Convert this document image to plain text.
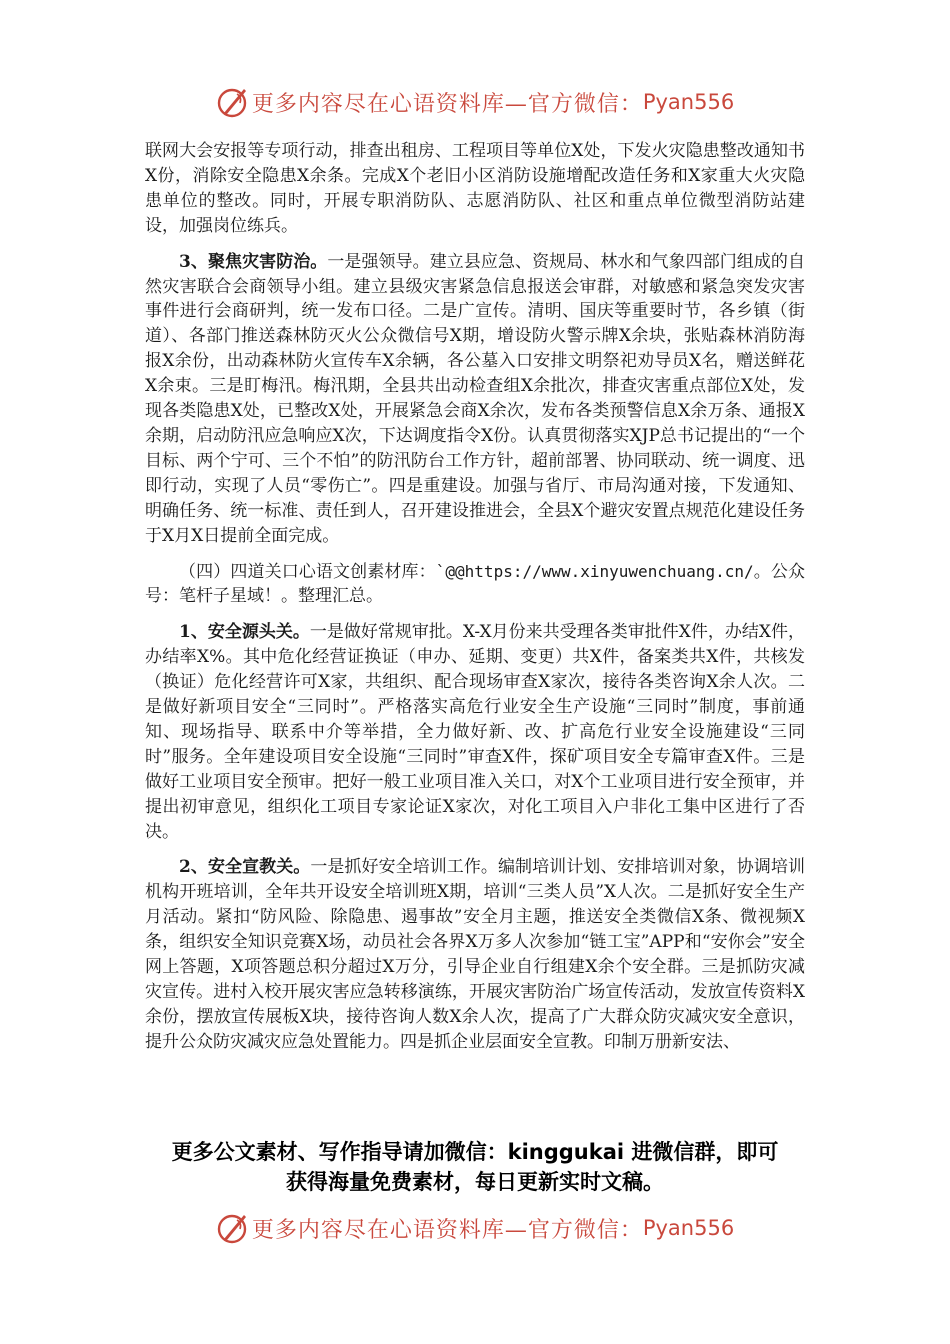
更多内容尽在心语资料库—官方微信： Pyan556

联网大会安报等专项行动，排查出租房、工程项目等单位X处，下发火灾隐患整改通知书X份，消除安全隐患X余条。完成X个老旧小区消防设施增配改造任务和X家重大火灾隐患单位的整改。同时，开展专职消防队、志愿消防队、社区和重点单位微型消防站建设，加强岗位练兵。

3、聚焦灾害防治。一是强领导。建立县应急、资规局、林水和气象四部门组成的自然灾害联合会商领导小组。建立县级灾害紧急信息报送会审群，对敏感和紧急突发灾害事件进行会商研判，统一发布口径。二是广宣传。清明、国庆等重要时节，各乡镇（街道）、各部门推送森林防灭火公众微信号X期，增设防火警示牌X余块，张贴森林消防海报X余份，出动森林防火宣传车X余辆，各公墓入口安排文明祭祀劝导员X名，赠送鲜花X余束。三是盯梅汛。梅汛期，全县共出动检查组X余批次，排查灾害重点部位X处，发现各类隐患X处，已整改X处，开展紧急会商X余次，发布各类预警信息X余万条、通报X余期，启动防汛应急响应X次，下达调度指令X份。认真贯彻落实XJP总书记提出的“一个目标、两个宁可、三个不怕”的防汛防台工作方针，超前部署、协同联动、统一调度、迅即行动，实现了人员“零伤亡”。四是重建设。加强与省厅、市局沟通对接，下发通知、明确任务、统一标准、责任到人，召开建设推进会，全县X个避灾安置点规范化建设任务于X月X日提前全面完成。

（四）四道关口心语文创素材库：`@@https://www.xinyuwenchuang.cn/。公众号：笔杆子星域！。整理汇总。

1、安全源头关。一是做好常规审批。X-X月份来共受理各类审批件X件，办结X件，办结率X%。其中危化经营证换证（申办、延期、变更）共X件，备案类共X件，共核发（换证）危化经营许可X家，共组织、配合现场审查X家次，接待各类咨询X余人次。二是做好新项目安全“三同时”。严格落实高危行业安全生产设施“三同时”制度，事前通知、现场指导、联系中介等举措，全力做好新、改、扩高危行业安全设施建设“三同时”服务。全年建设项目安全设施“三同时”审查X件，探矿项目安全专篇审查X件。三是做好工业项目安全预审。把好一般工业项目准入关口，对X个工业项目进行安全预审，并提出初审意见，组织化工项目专家论证X家次，对化工项目入户非化工集中区进行了否决。

2、安全宣教关。一是抓好安全培训工作。编制培训计划、安排培训对象，协调培训机构开班培训，全年共开设安全培训班X期，培训“三类人员”X人次。二是抓好安全生产月活动。紧扣“防风险、除隐患、遏事故”安全月主题，推送安全类微信X条、微视频X条，组织安全知识竞赛X场，动员社会各界X万多人次参加“链工宝”APP和“安你会”安全网上答题，X项答题总积分超过X万分，引导企业自行组建X余个安全群。三是抓防灾减灾宣传。进村入校开展灾害应急转移演练，开展灾害防治广场宣传活动，发放宣传资料X余份，摆放宣传展板X块，接待咨询人数X余人次，提高了广大群众防灾减灾安全意识，提升公众防灾减灾应急处置能力。四是抓企业层面安全宣教。印制万册新安法、

更多公文素材、写作指导请加微信：kinggukai 进微信群，即可
获得海量免费素材，每日更新实时文稿。
更多内容尽在心语资料库—官方微信： Pyan556
